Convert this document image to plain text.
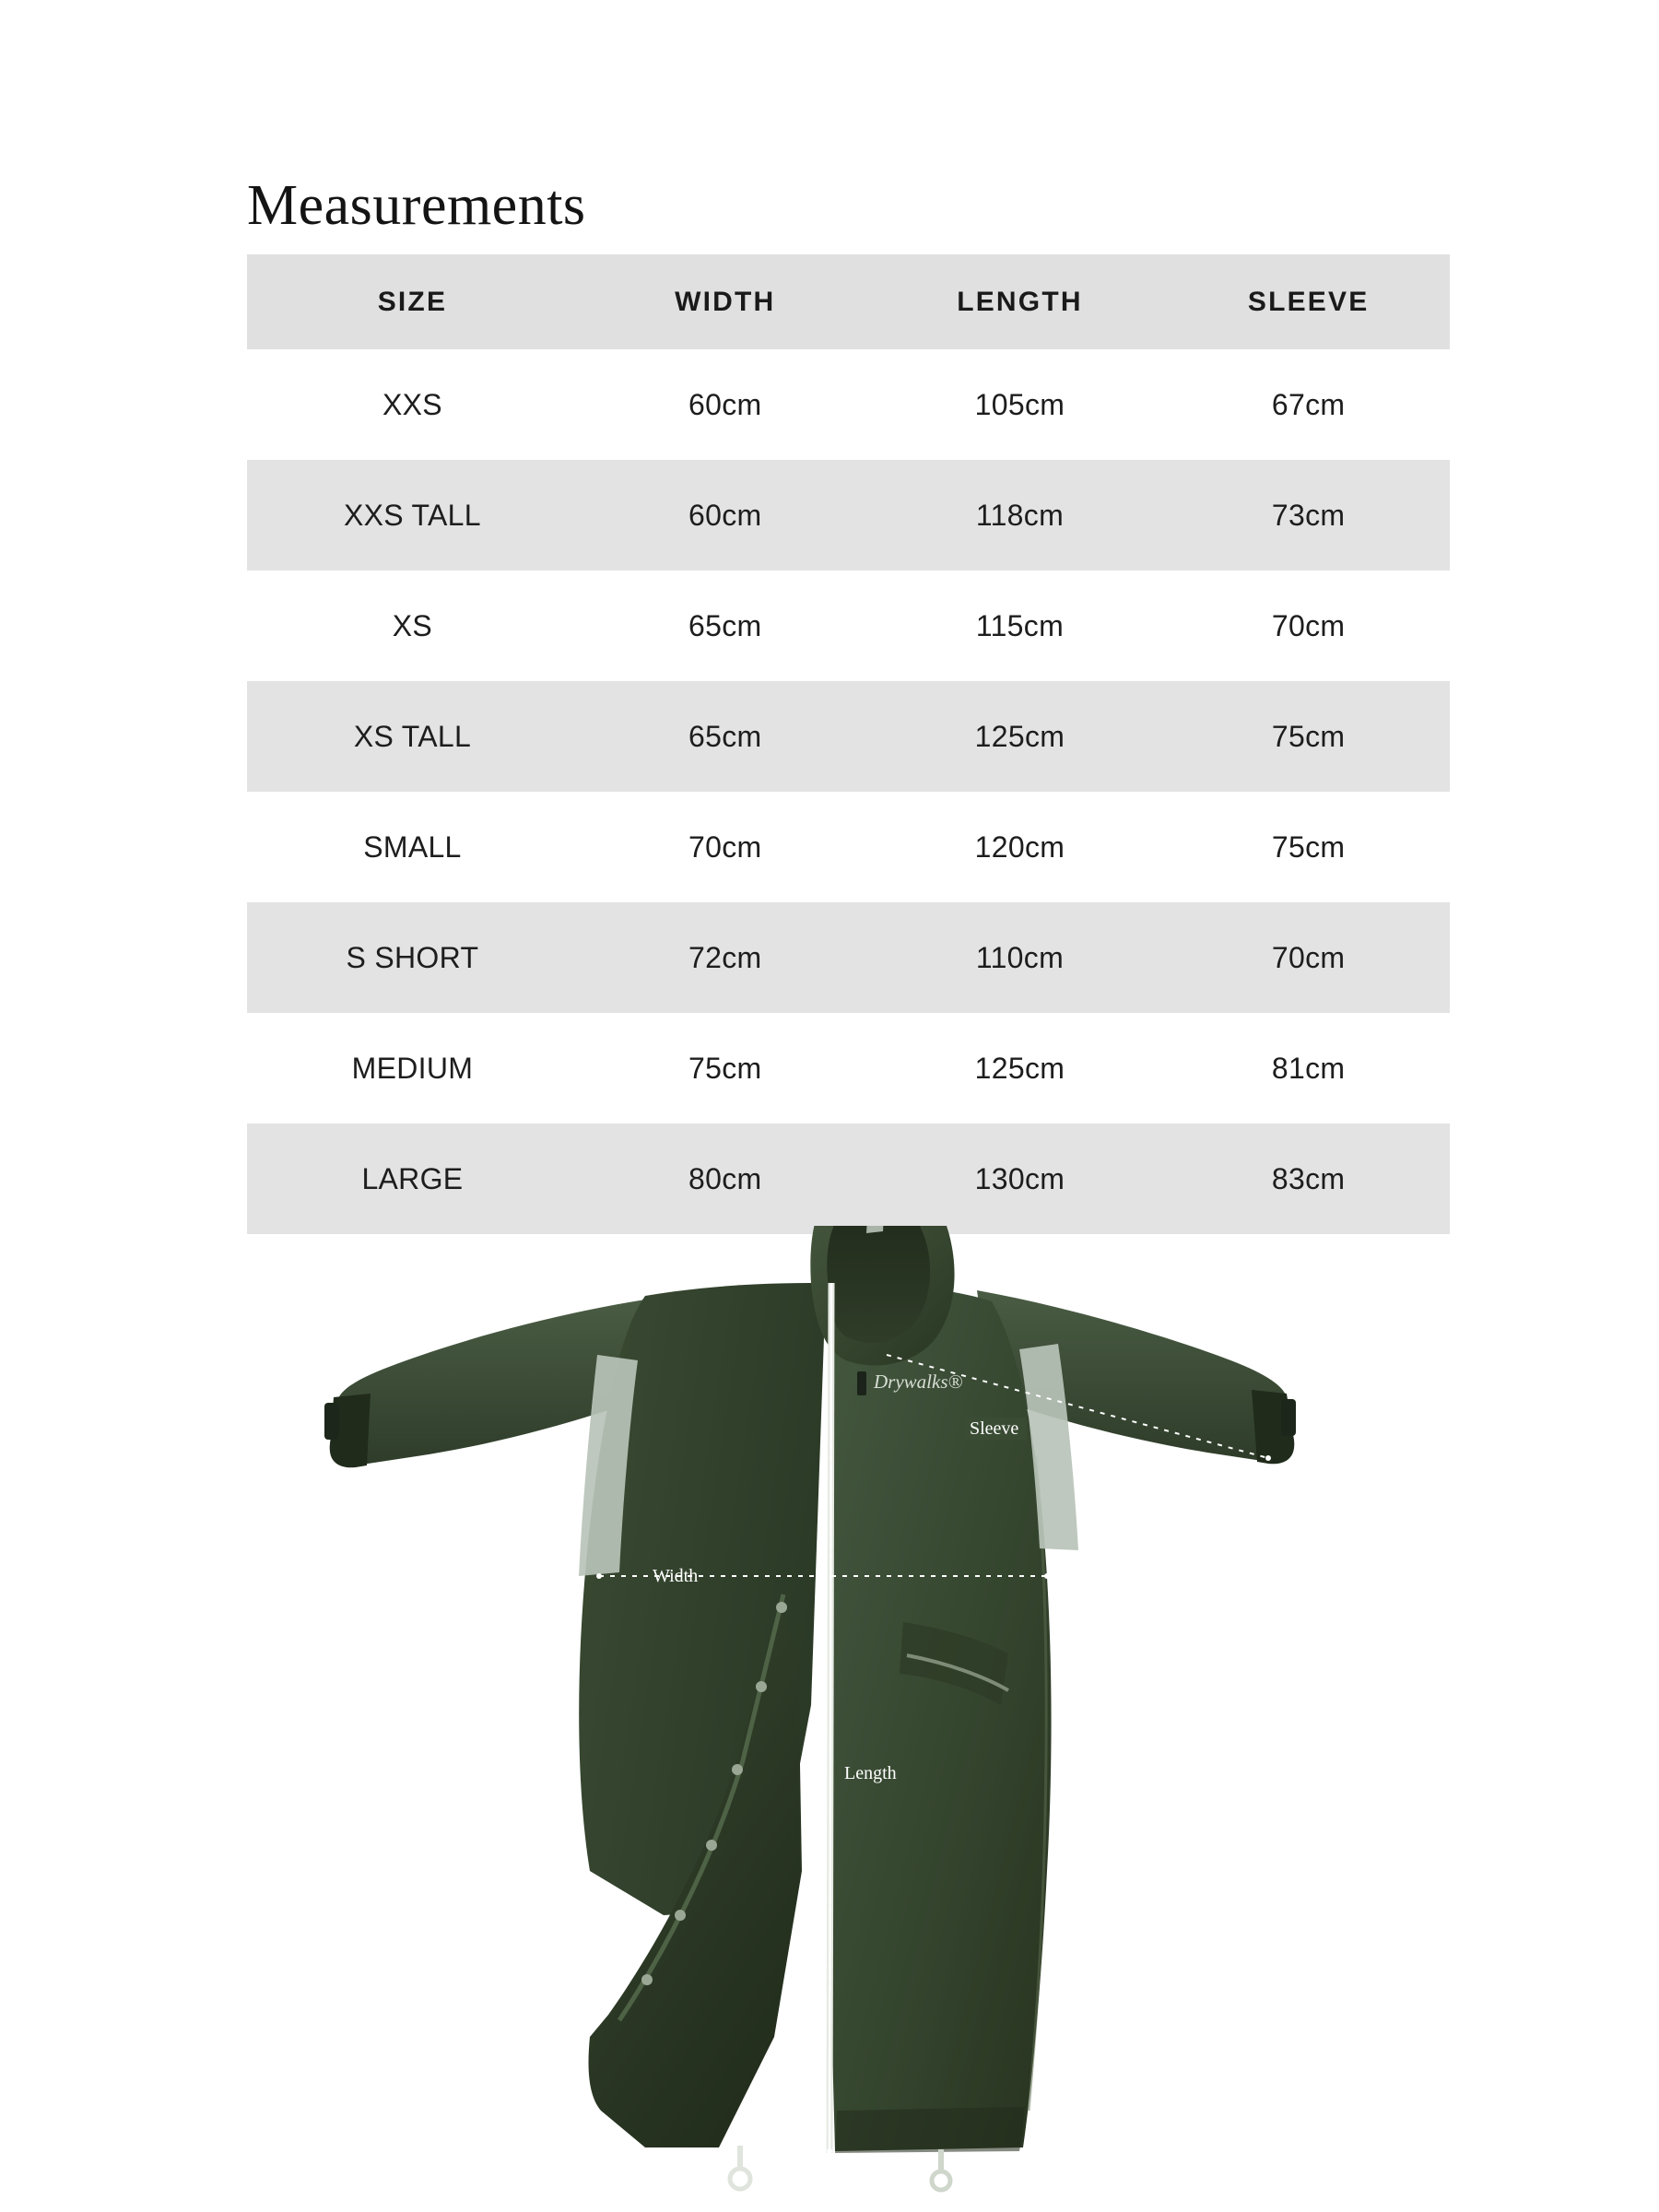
Measurements
SIZE	WIDTH	LENGTH	SLEEVE
XXS	60cm	105cm	67cm
XXS TALL	60cm	118cm	73cm
XS	65cm	115cm	70cm
XS TALL	65cm	125cm	75cm
SMALL	70cm	120cm	75cm
S SHORT	72cm	110cm	70cm
MEDIUM	75cm	125cm	81cm
LARGE	80cm	130cm	83cm
Drywalks®
Sleeve
Width
Length
